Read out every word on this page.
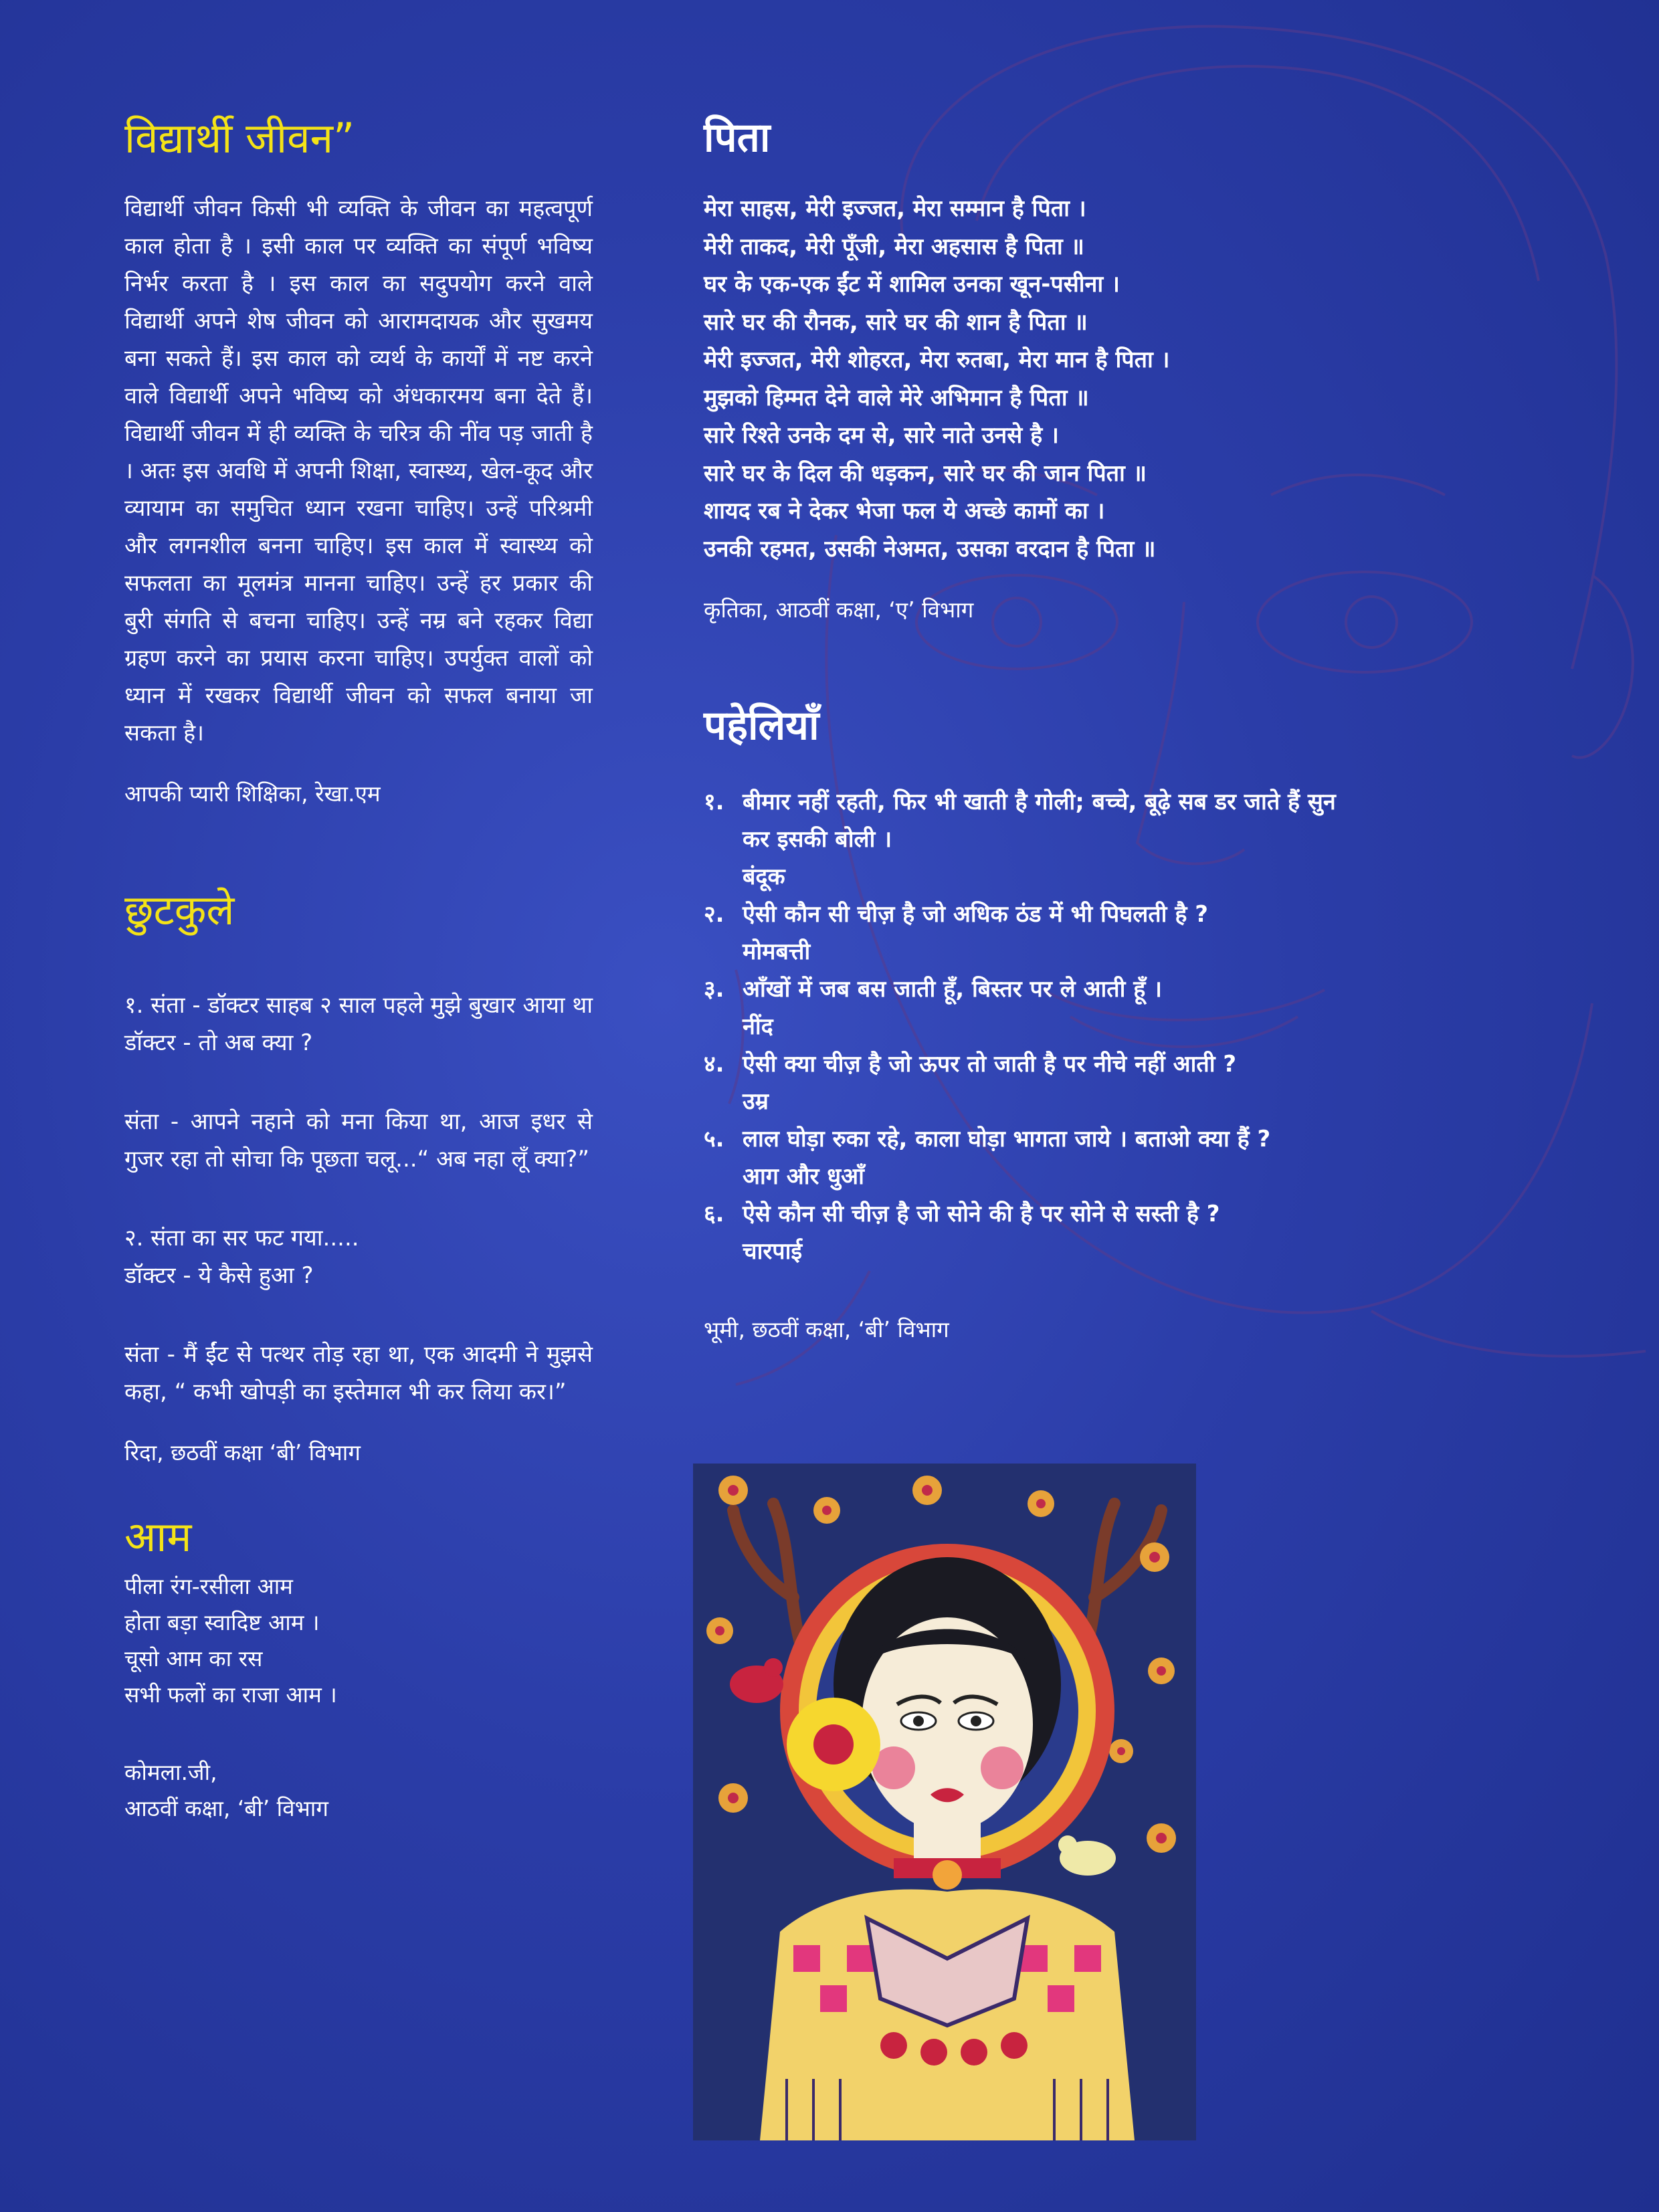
विद्यार्थी जीवन”

विद्यार्थी जीवन किसी भी व्यक्ति के जीवन का महत्वपूर्ण काल होता है । इसी काल पर व्यक्ति का संपूर्ण भविष्य निर्भर करता है । इस काल का सदुपयोग करने वाले विद्यार्थी अपने शेष जीवन को आरामदायक और सुखमय बना सकते हैं। इस काल को व्यर्थ के कार्यों में नष्ट करने वाले विद्यार्थी अपने भविष्य को अंधकारमय बना देते हैं। विद्यार्थी जीवन में ही व्यक्ति के चरित्र की नींव पड़ जाती है । अतः इस अवधि में अपनी शिक्षा, स्वास्थ्य, खेल-कूद और व्यायाम का समुचित ध्यान रखना चाहिए। उन्हें परिश्रमी और लगनशील बनना चाहिए। इस काल में स्वास्थ्य को सफलता का मूलमंत्र मानना चाहिए। उन्हें हर प्रकार की बुरी संगति से बचना चाहिए। उन्हें नम्र बने रहकर विद्या ग्रहण करने का प्रयास करना चाहिए। उपर्युक्त वालों को ध्यान में रखकर विद्यार्थी जीवन को सफल बनाया जा सकता है।

आपकी प्यारी शिक्षिका, रेखा.एम

छुटकुले

१. संता - डॉक्टर साहब २ साल पहले मुझे बुखार आया था डॉक्टर - तो अब क्या ?

संता - आपने नहाने को मना किया था, आज इधर से गुजर रहा तो सोचा कि पूछता चलू...“ अब नहा लूँ क्या?”

२. संता का सर फट गया.....

डॉक्टर - ये कैसे हुआ ?

संता - मैं ईंट से पत्थर तोड़ रहा था, एक आदमी ने मुझसे कहा, “ कभी खोपड़ी का इस्तेमाल भी कर लिया कर।”

रिदा, छठवीं कक्षा ‘बी’ विभाग

आम

पीला रंग-रसीला आम

होता बड़ा स्वादिष्ट आम ।

चूसो आम का रस

सभी फलों का राजा आम ।

कोमला.जी,

आठवीं कक्षा, ‘बी’ विभाग

पिता
मेरा साहस, मेरी इज्जत, मेरा सम्मान है पिता ।
मेरी ताकद, मेरी पूँजी, मेरा अहसास है पिता ॥
घर के एक-एक ईंट में शामिल उनका खून-पसीना ।
सारे घर की रौनक, सारे घर की शान है पिता ॥
मेरी इज्जत, मेरी शोहरत, मेरा रुतबा, मेरा मान है पिता ।
मुझको हिम्मत देने वाले मेरे अभिमान है पिता ॥
सारे रिश्ते उनके दम से, सारे नाते उनसे है ।
सारे घर के दिल की धड़कन, सारे घर की जान पिता ॥
शायद रब ने देकर भेजा फल ये अच्छे कामों का ।
उनकी रहमत, उसकी नेअमत, उसका वरदान है पिता ॥

कृतिका, आठवीं कक्षा, ‘ए’ विभाग

पहेलियाँ
१. बीमार नहीं रहती, फिर भी खाती है गोली; बच्चे, बूढ़े सब डर जाते हैं सुन कर इसकी बोली ।
बंदूक
२. ऐसी कौन सी चीज़ है जो अधिक ठंड में भी पिघलती है ?
मोमबत्ती
३. आँखों में जब बस जाती हूँ, बिस्तर पर ले आती हूँ ।
नींद
४. ऐसी क्या चीज़ है जो ऊपर तो जाती है पर नीचे नहीं आती ?
उम्र
५. लाल घोड़ा रुका रहे, काला घोड़ा भागता जाये । बताओ क्या हैं ?
आग और धुआँ
६. ऐसे कौन सी चीज़ है जो सोने की है पर सोने से सस्ती है ?
चारपाई

भूमी, छठवीं कक्षा, ‘बी’ विभाग
